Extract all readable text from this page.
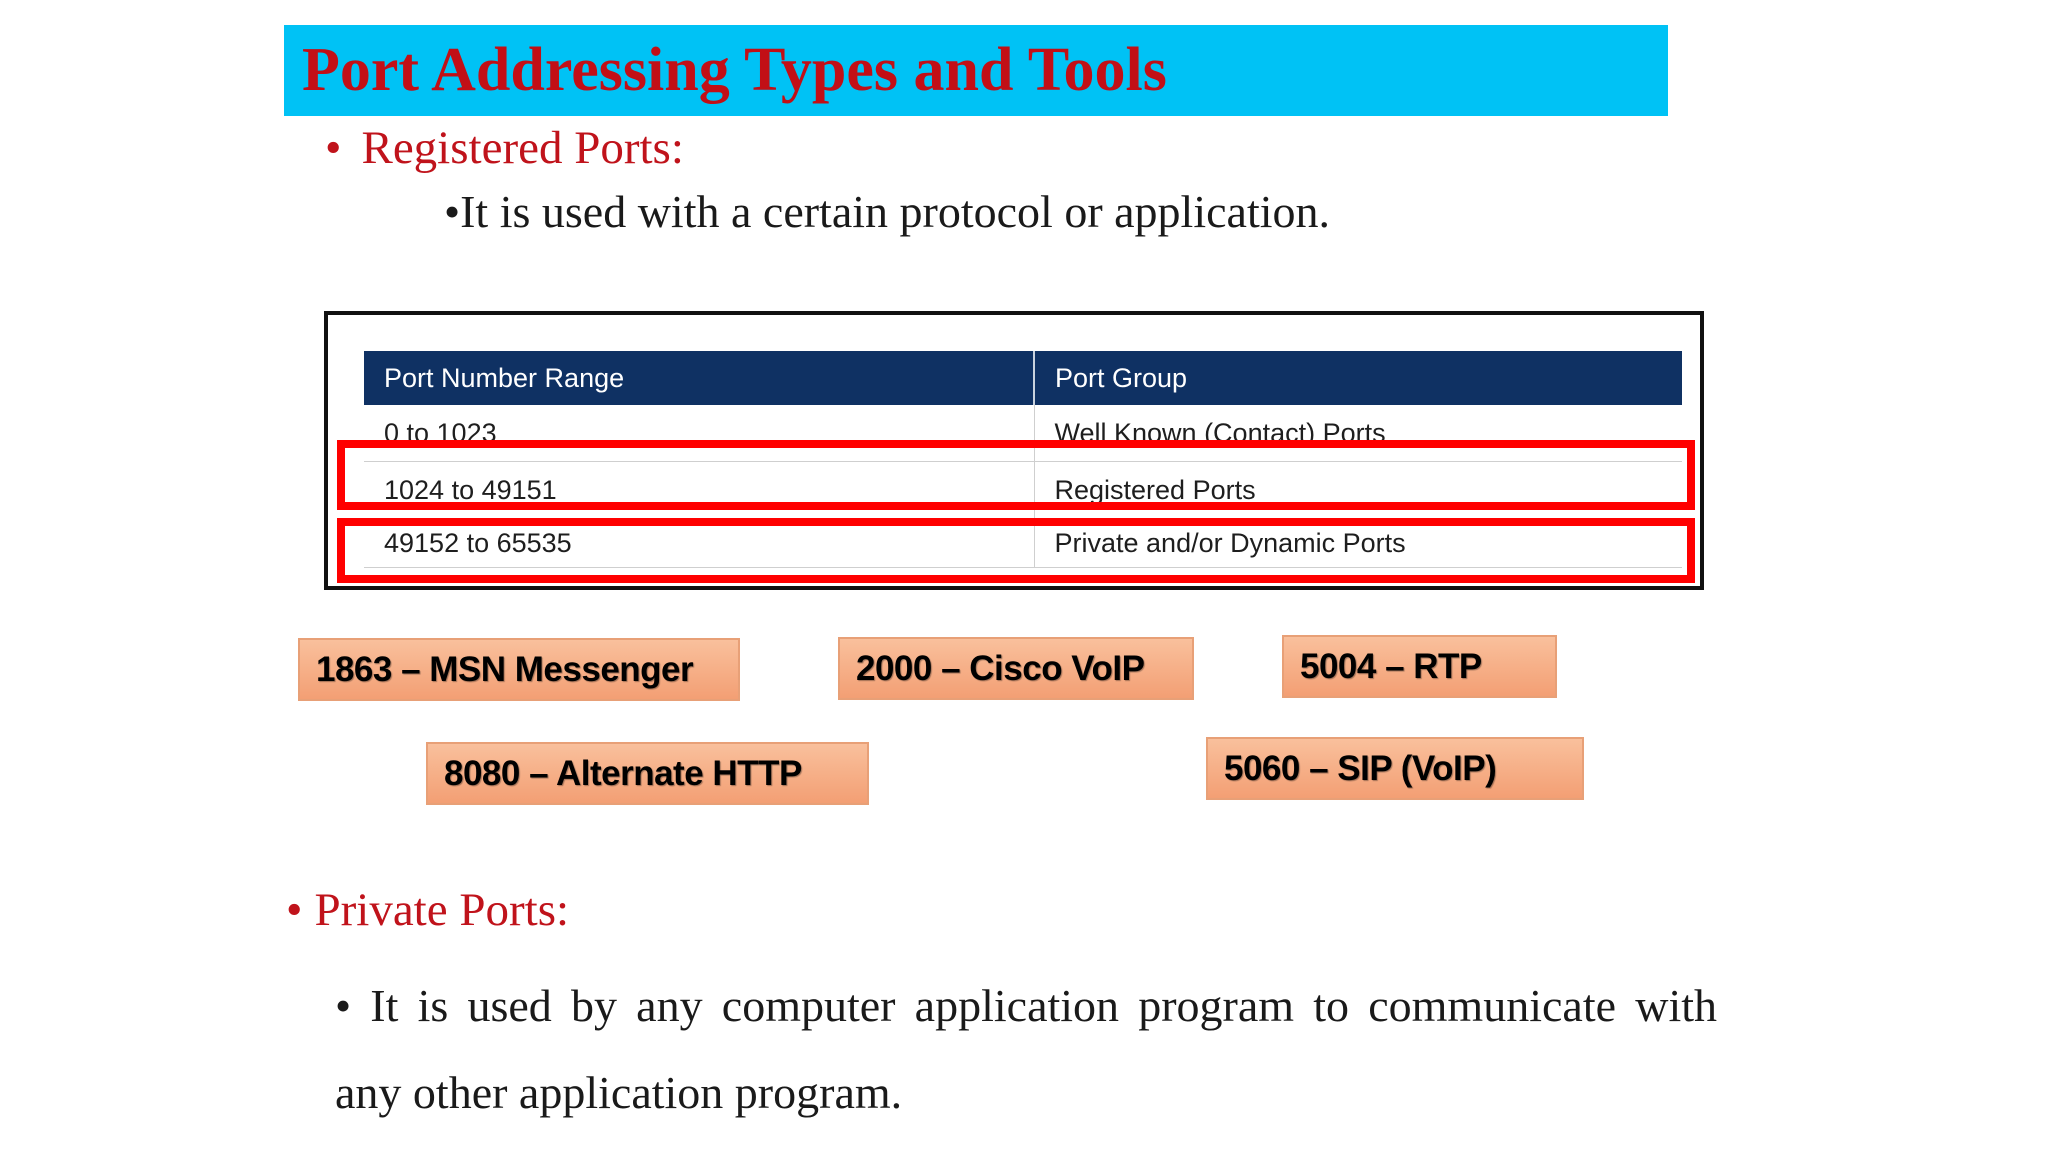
Port Addressing Types and Tools
• Registered Ports:
•It is used with a certain protocol or application.
Port Number Range	Port Group
0 to 1023	Well Known (Contact) Ports
1024 to 49151	Registered Ports
49152 to 65535	Private and/or Dynamic Ports
1863 – MSN Messenger	2000 – Cisco VoIP	5004 – RTP
8080 – Alternate HTTP	5060 – SIP (VoIP)
• Private Ports:
• It is used by any computer application program to communicate with
any other application program.
